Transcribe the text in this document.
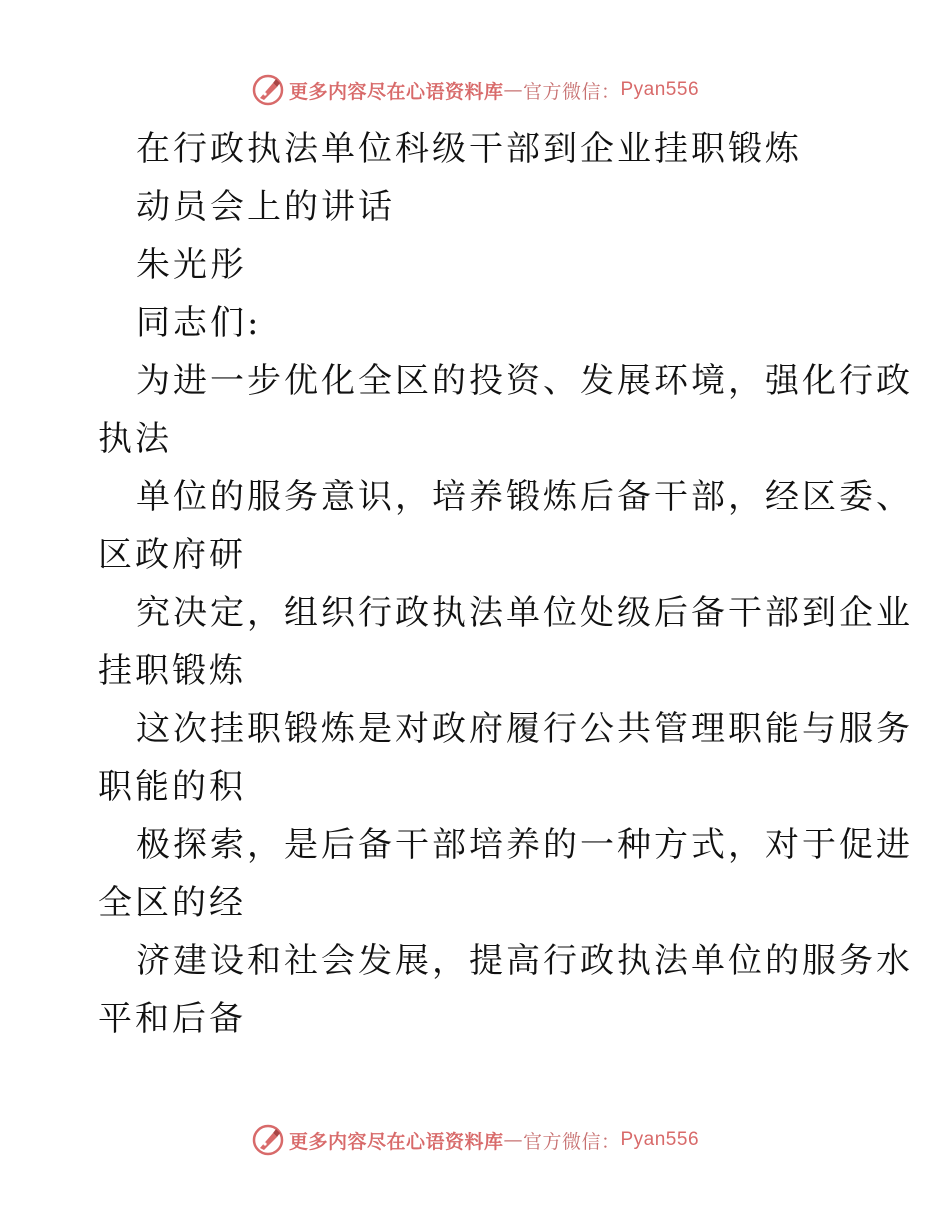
更多内容尽在心语资料库 — 官方微信： Pyan556
在行政执法单位科级干部到企业挂职锻炼
动员会上的讲话
朱光彤
同志们:
为进一步优化全区的投资、发展环境，强化行政
执法
单位的服务意识，培养锻炼后备干部，经区委、
区政府研
究决定，组织行政执法单位处级后备干部到企业
挂职锻炼
这次挂职锻炼是对政府履行公共管理职能与服务
职能的积
极探索，是后备干部培养的一种方式，对于促进
全区的经
济建设和社会发展，提高行政执法单位的服务水
平和后备
更多内容尽在心语资料库 — 官方微信： Pyan556
